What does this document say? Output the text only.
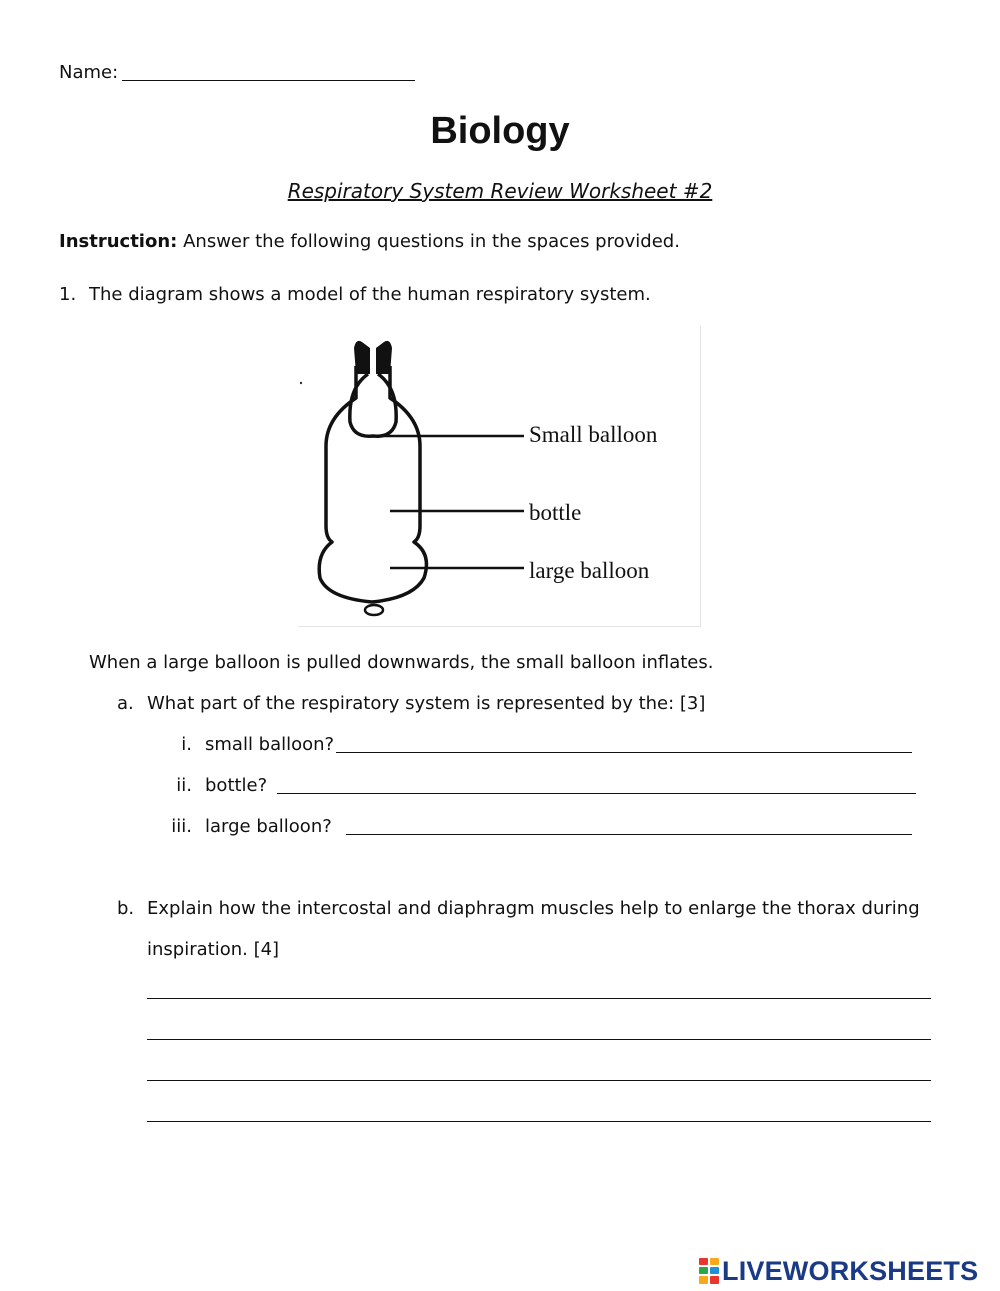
Name:
Biology
Respiratory System Review Worksheet #2
Instruction: Answer the following questions in the spaces provided.
1. The diagram shows a model of the human respiratory system.
Small balloon
bottle
large balloon
When a large balloon is pulled downwards, the small balloon inflates.
a. What part of the respiratory system is represented by the: [3]
i. small balloon?
ii. bottle?
iii. large balloon?
b. Explain how the intercostal and diaphragm muscles help to enlarge the thorax during
inspiration. [4]
LIVEWORKSHEETS
